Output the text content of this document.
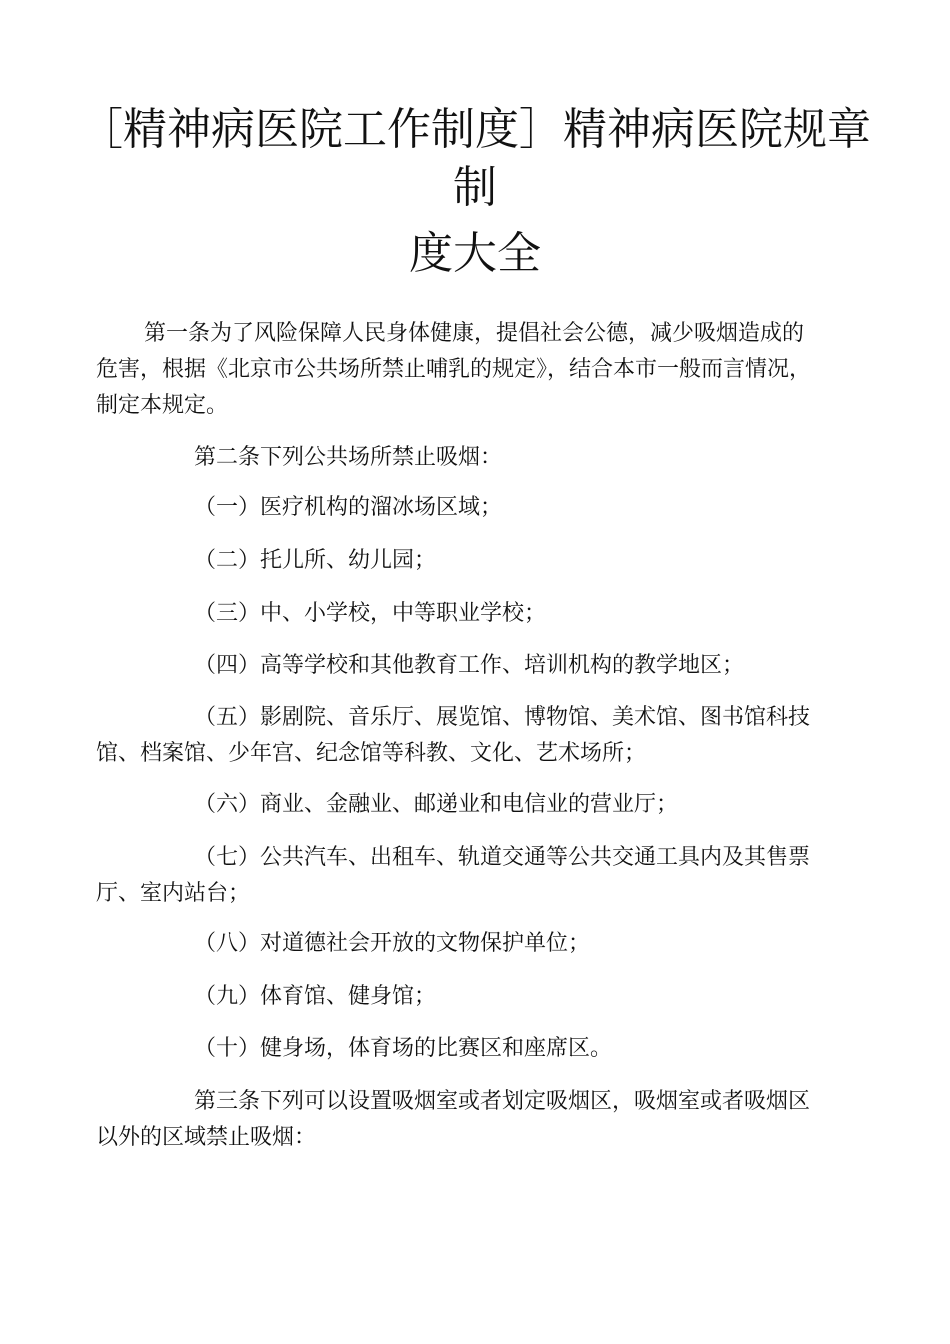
［精神病医院工作制度］精神病医院规章
制
度大全

第一条为了风险保障人民身体健康，提倡社会公德，减少吸烟造成的
危害，根据《北京市公共场所禁止哺乳的规定》，结合本市一般而言情况，
制定本规定。

第二条下列公共场所禁止吸烟：

（一）医疗机构的溜冰场区域；

（二）托儿所、幼儿园；

（三）中、小学校，中等职业学校；

（四）高等学校和其他教育工作、培训机构的教学地区；

（五）影剧院、音乐厅、展览馆、博物馆、美术馆、图书馆科技
馆、档案馆、少年宫、纪念馆等科教、文化、艺术场所；

（六）商业、金融业、邮递业和电信业的营业厅；

（七）公共汽车、出租车、轨道交通等公共交通工具内及其售票
厅、室内站台；

（八）对道德社会开放的文物保护单位；

（九）体育馆、健身馆；

（十）健身场，体育场的比赛区和座席区。

第三条下列可以设置吸烟室或者划定吸烟区，吸烟室或者吸烟区
以外的区域禁止吸烟：
